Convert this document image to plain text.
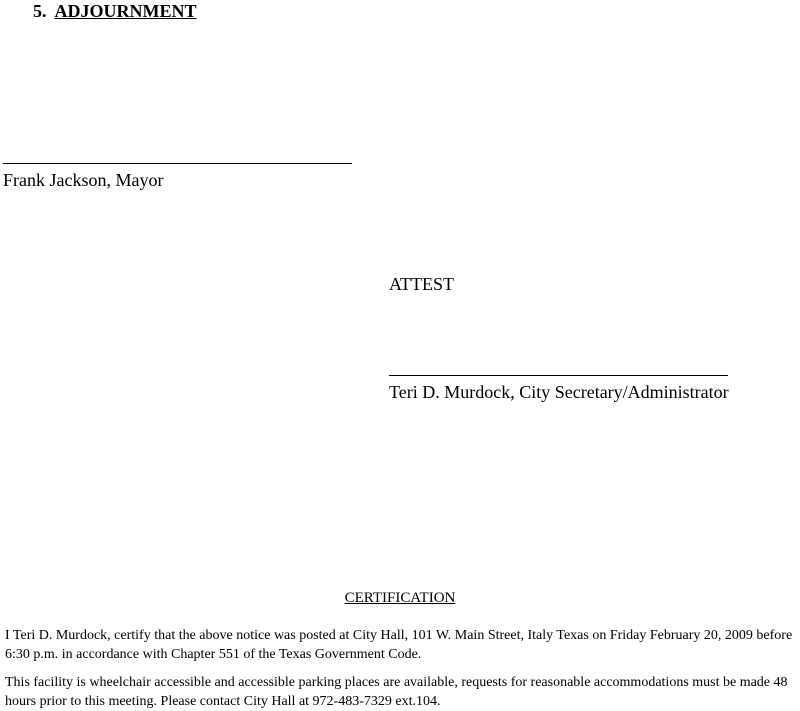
5. ADJOURNMENT
Frank Jackson, Mayor
ATTEST
Teri D. Murdock, City Secretary/Administrator
CERTIFICATION
I Teri D. Murdock, certify that the above notice was posted at City Hall, 101 W. Main Street, Italy Texas on Friday February 20, 2009 before 6:30 p.m. in accordance with Chapter 551 of the Texas Government Code.
This facility is wheelchair accessible and accessible parking places are available, requests for reasonable accommodations must be made 48 hours prior to this meeting. Please contact City Hall at 972-483-7329 ext.104.
